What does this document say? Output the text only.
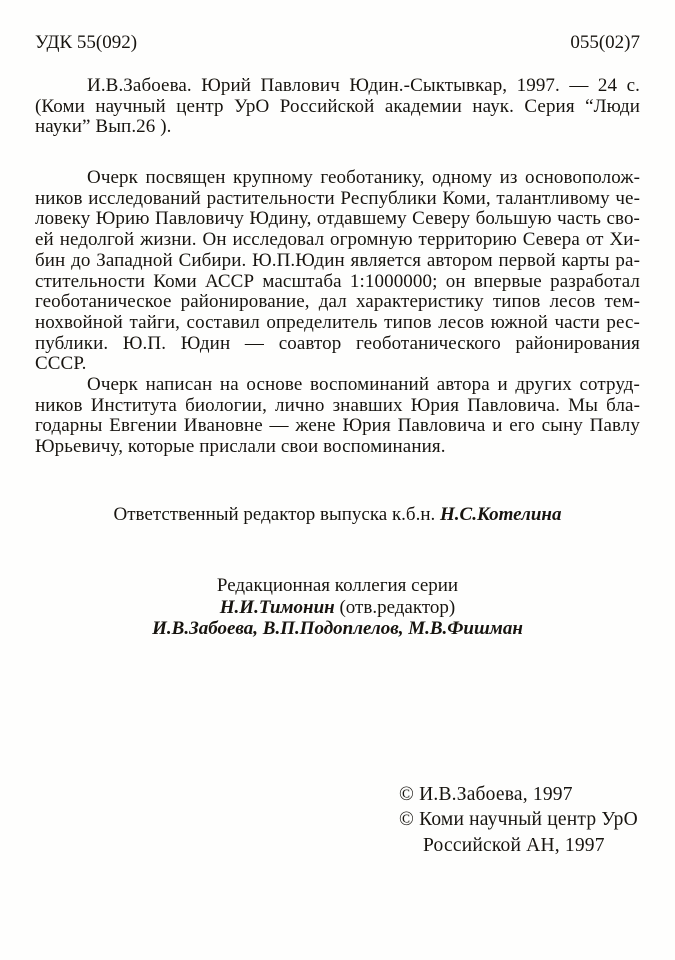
УДК 55(092)	055(02)7
И.В.Забоева. Юрий Павлович Юдин.-Сыктывкар, 1997. — 24 с.
(Коми научный центр УрО Российской академии наук. Серия “Люди
науки” Вып.26 ).
Очерк посвящен крупному геоботанику, одному из основополож-
ников исследований растительности Республики Коми, талантливому че-
ловеку Юрию Павловичу Юдину, отдавшему Северу большую часть сво-
ей недолгой жизни. Он исследовал огромную территорию Севера от Хи-
бин до Западной Сибири. Ю.П.Юдин является автором первой карты ра-
стительности Коми АССР масштаба 1:1000000; он впервые разработал
геоботаническое районирование, дал характеристику типов лесов тем-
нохвойной тайги, составил определитель типов лесов южной части рес-
публики. Ю.П. Юдин — соавтор геоботанического районирования
СССР.
Очерк написан на основе воспоминаний автора и других сотруд-
ников Института биологии, лично знавших Юрия Павловича. Мы бла-
годарны Евгении Ивановне — жене Юрия Павловича и его сыну Павлу
Юрьевичу, которые прислали свои воспоминания.
Ответственный редактор выпуска к.б.н. Н.С.Котелина
Редакционная коллегия серии
Н.И.Тимонин (отв.редактор)
И.В.Забоева, В.П.Подоплелов, М.В.Фишман
© И.В.Забоева, 1997
© Коми научный центр УрО
Российской АН, 1997
